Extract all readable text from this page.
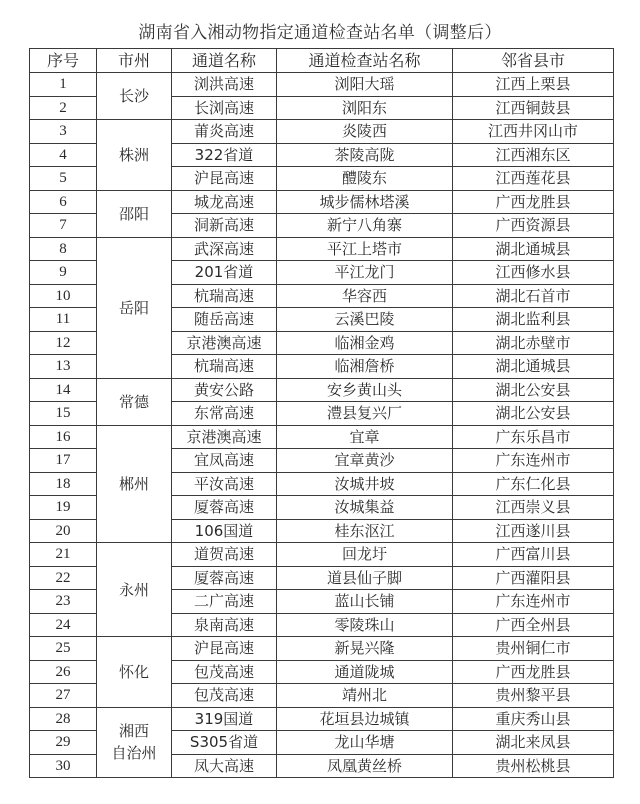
湖南省入湘动物指定通道检查站名单（调整后）
序号	市州	通道名称	通道检查站名称	邻省县市
1	长沙	浏洪高速	浏阳大瑶	江西上栗县
2		长浏高速	浏阳东	江西铜鼓县
3	株洲	莆炎高速	炎陵西	江西井冈山市
4		322省道	茶陵高陇	江西湘东区
5		沪昆高速	醴陵东	江西莲花县
6	邵阳	城龙高速	城步儒林塔溪	广西龙胜县
7		洞新高速	新宁八角寨	广西资源县
8	岳阳	武深高速	平江上塔市	湖北通城县
9		201省道	平江龙门	江西修水县
10		杭瑞高速	华容西	湖北石首市
11		随岳高速	云溪巴陵	湖北监利县
12		京港澳高速	临湘金鸡	湖北赤壁市
13		杭瑞高速	临湘詹桥	湖北通城县
14	常德	黄安公路	安乡黄山头	湖北公安县
15		东常高速	澧县复兴厂	湖北公安县
16	郴州	京港澳高速	宜章	广东乐昌市
17		宜凤高速	宜章黄沙	广东连州市
18		平汝高速	汝城井坡	广东仁化县
19		厦蓉高速	汝城集益	江西崇义县
20		106国道	桂东沤江	江西遂川县
21	永州	道贺高速	回龙圩	广西富川县
22		厦蓉高速	道县仙子脚	广西灌阳县
23		二广高速	蓝山长铺	广东连州市
24		泉南高速	零陵珠山	广西全州县
25	怀化	沪昆高速	新晃兴隆	贵州铜仁市
26		包茂高速	通道陇城	广西龙胜县
27		包茂高速	靖州北	贵州黎平县
28	湘西
自治州	319国道	花垣县边城镇	重庆秀山县
29		S305省道	龙山华塘	湖北来凤县
30		凤大高速	凤凰黄丝桥	贵州松桃县
